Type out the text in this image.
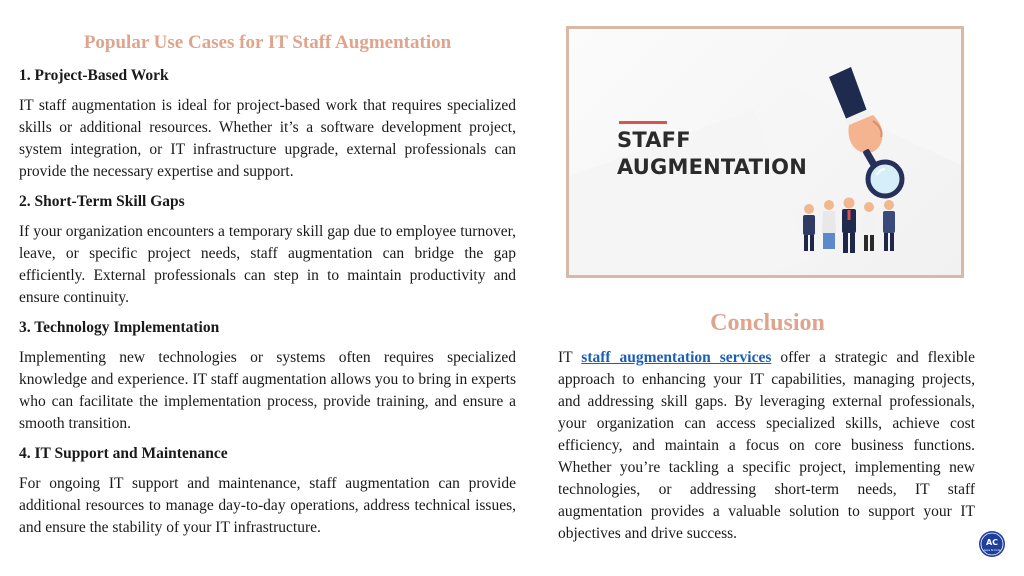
Popular Use Cases for IT Staff Augmentation
1. Project-Based Work
IT staff augmentation is ideal for project-based work that requires specialized skills or additional resources. Whether it’s a software development project, system integration, or IT infrastructure upgrade, external professionals can provide the necessary expertise and support.
2. Short-Term Skill Gaps
If your organization encounters a temporary skill gap due to employee turnover, leave, or specific project needs, staff augmentation can bridge the gap efficiently. External professionals can step in to maintain productivity and ensure continuity.
3. Technology Implementation
Implementing new technologies or systems often requires specialized knowledge and experience. IT staff augmentation allows you to bring in experts who can facilitate the implementation process, provide training, and ensure a smooth transition.
4. IT Support and Maintenance
For ongoing IT support and maintenance, staff augmentation can provide additional resources to manage day-to-day operations, address technical issues, and ensure the stability of your IT infrastructure.
STAFF
AUGMENTATION
Conclusion
IT staff augmentation services offer a strategic and flexible approach to enhancing your IT capabilities, managing projects, and addressing skill gaps. By leveraging external professionals, your organization can access specialized skills, achieve cost efficiency, and maintain a focus on core business functions. Whether you’re tackling a specific project, implementing new technologies, or addressing short-term needs, IT staff augmentation provides a valuable solution to support your IT objectives and drive success.
AC
Apps N Code
